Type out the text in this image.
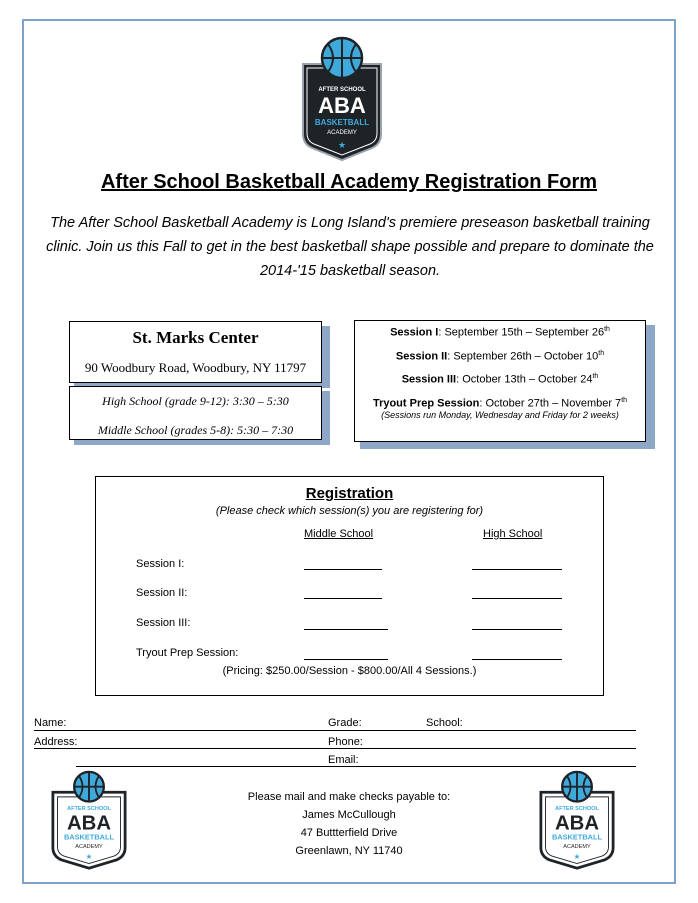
AFTER SCHOOL
ABA
BASKETBALL
ACADEMY
★
After School Basketball Academy Registration Form
The After School Basketball Academy is Long Island's premiere preseason basketball training clinic. Join us this Fall to get in the best basketball shape possible and prepare to dominate the 2014-'15 basketball season.
St. Marks Center
90 Woodbury Road, Woodbury, NY 11797
High School (grade 9-12): 3:30 – 5:30
Middle School (grades 5-8): 5:30 – 7:30
Session I: September 15th – September 26th
Session II: September 26th – October 10th
Session III: October 13th – October 24th
Tryout Prep Session: October 27th – November 7th
(Sessions run Monday, Wednesday and Friday for 2 weeks)
Registration
(Please check which session(s) you are registering for)
Middle School	High School
Session I:
Session II:
Session III:
Tryout Prep Session:
(Pricing: $250.00/Session - $800.00/All 4 Sessions.)
Name:	Grade:	School:
Address:	Phone:
Email:
AFTER SCHOOL
ABA
BASKETBALL
ACADEMY
★
AFTER SCHOOL
ABA
BASKETBALL
ACADEMY
★
Please mail and make checks payable to:
James McCullough
47 Buttterfield Drive
Greenlawn, NY 11740
